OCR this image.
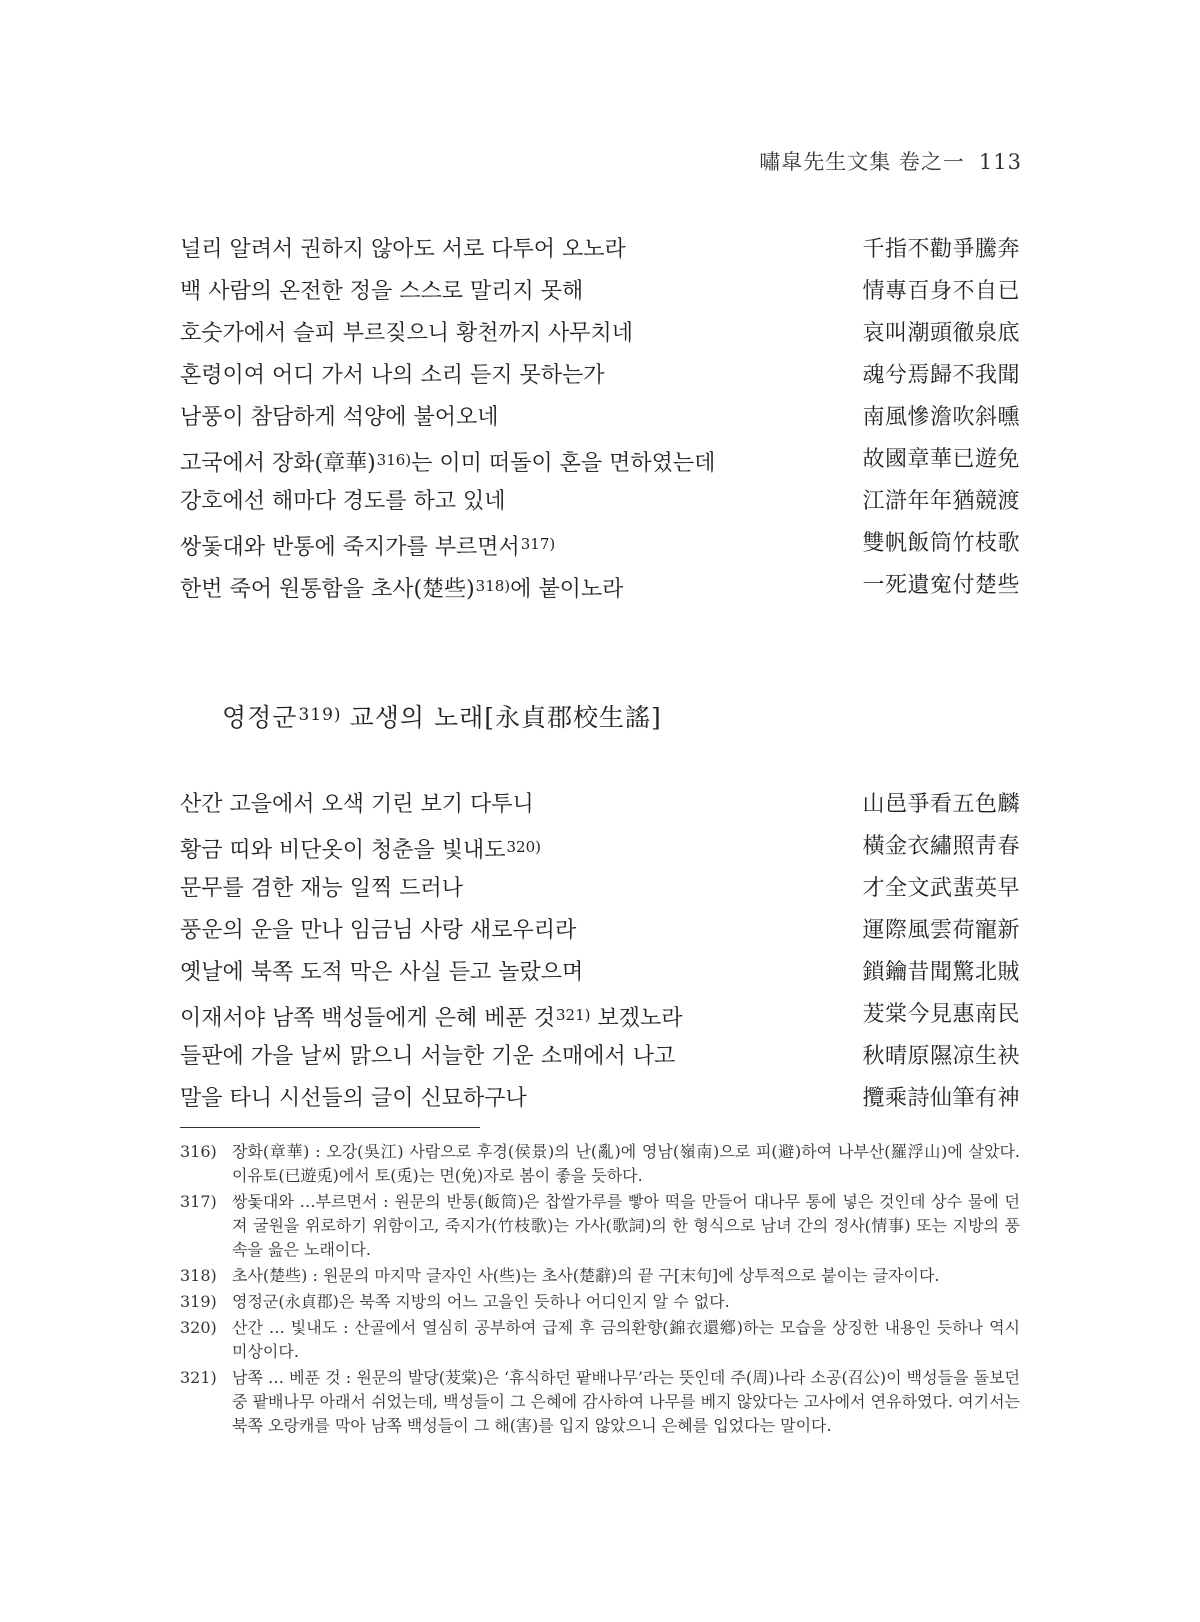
嘯皐先生文集 卷之一 113
널리 알려서 권하지 않아도 서로 다투어 오노라	千指不勸爭騰奔
백 사람의 온전한 정을 스스로 말리지 못해	情專百身不自已
호숫가에서 슬피 부르짖으니 황천까지 사무치네	哀叫潮頭徹泉底
혼령이여 어디 가서 나의 소리 듣지 못하는가	魂兮焉歸不我聞
남풍이 참담하게 석양에 불어오네	南風慘澹吹斜曛
고국에서 장화(章華)$^{316)}$는 이미 떠돌이 혼을 면하였는데	故國章華已遊免
강호에선 해마다 경도를 하고 있네	江滸年年猶競渡
쌍돛대와 반통에 죽지가를 부르면서$^{317)}$	雙帆飯筒竹枝歌
한번 죽어 원통함을 초사(楚些)$^{318)}$에 붙이노라	一死遺寃付楚些
영정군$^{319)}$ 교생의 노래[永貞郡校生謠]
산간 고을에서 오색 기린 보기 다투니	山邑爭看五色麟
황금 띠와 비단옷이 청춘을 빛내도$^{320)}$	橫金衣繡照靑春
문무를 겸한 재능 일찍 드러나	才全文武蜚英早
풍운의 운을 만나 임금님 사랑 새로우리라	運際風雲荷寵新
옛날에 북쪽 도적 막은 사실 듣고 놀랐으며	鎖鑰昔聞驚北賊
이재서야 남쪽 백성들에게 은혜 베푼 것$^{321)}$ 보겠노라	茇棠今見惠南民
들판에 가을 날씨 맑으니 서늘한 기운 소매에서 나고	秋晴原隰凉生袂
말을 타니 시선들의 글이 신묘하구나	攬乘詩仙筆有神
316) 장화(章華) : 오강(吳江) 사람으로 후경(侯景)의 난(亂)에 영남(嶺南)으로 피(避)하여 나부산(羅浮山)에 살았다. 이유토(已遊兎)에서 토(兎)는 면(免)자로 봄이 좋을 듯하다.
317) 쌍돛대와 …부르면서 : 원문의 반통(飯筒)은 찹쌀가루를 빻아 떡을 만들어 대나무 통에 넣은 것인데 상수 물에 던져 굴원을 위로하기 위함이고, 죽지가(竹枝歌)는 가사(歌詞)의 한 형식으로 남녀 간의 정사(情事) 또는 지방의 풍속을 읊은 노래이다.
318) 초사(楚些) : 원문의 마지막 글자인 사(些)는 초사(楚辭)의 끝 구[末句]에 상투적으로 붙이는 글자이다.
319) 영정군(永貞郡)은 북쪽 지방의 어느 고을인 듯하나 어디인지 알 수 없다.
320) 산간 … 빛내도 : 산골에서 열심히 공부하여 급제 후 금의환향(錦衣還鄕)하는 모습을 상징한 내용인 듯하나 역시 미상이다.
321) 남쪽 … 베푼 것 : 원문의 발당(茇棠)은 ‘휴식하던 팥배나무’라는 뜻인데 주(周)나라 소공(召公)이 백성들을 돌보던 중 팥배나무 아래서 쉬었는데, 백성들이 그 은혜에 감사하여 나무를 베지 않았다는 고사에서 연유하였다. 여기서는 북쪽 오랑캐를 막아 남쪽 백성들이 그 해(害)를 입지 않았으니 은혜를 입었다는 말이다.
